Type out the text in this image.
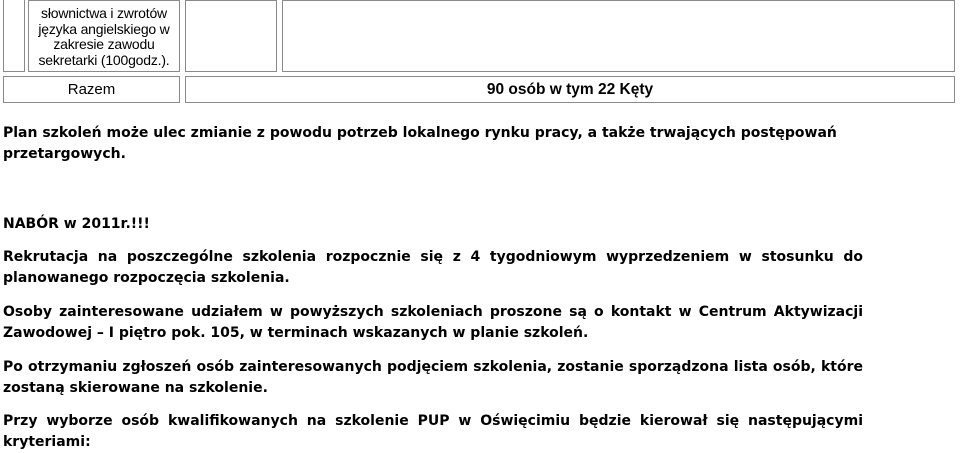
słownictwa i zwrotów
języka angielskiego w
zakresie zawodu
sekretarki (100godz.).
Razem	90 osób w tym 22 Kęty

Plan szkoleń może ulec zmianie z powodu potrzeb lokalnego rynku pracy, a także trwających postępowań przetargowych.

NABÓR w 2011r.!!!

Rekrutacja na poszczególne szkolenia rozpocznie się z 4 tygodniowym wyprzedzeniem w stosunku do planowanego rozpoczęcia szkolenia.

Osoby zainteresowane udziałem w powyższych szkoleniach proszone są o kontakt w Centrum Aktywizacji Zawodowej – I piętro pok. 105, w terminach wskazanych w planie szkoleń.

Po otrzymaniu zgłoszeń osób zainteresowanych podjęciem szkolenia, zostanie sporządzona lista osób, które zostaną skierowane na szkolenie.

Przy wyborze osób kwalifikowanych na szkolenie PUP w Oświęcimiu będzie kierował się następującymi kryteriami:
